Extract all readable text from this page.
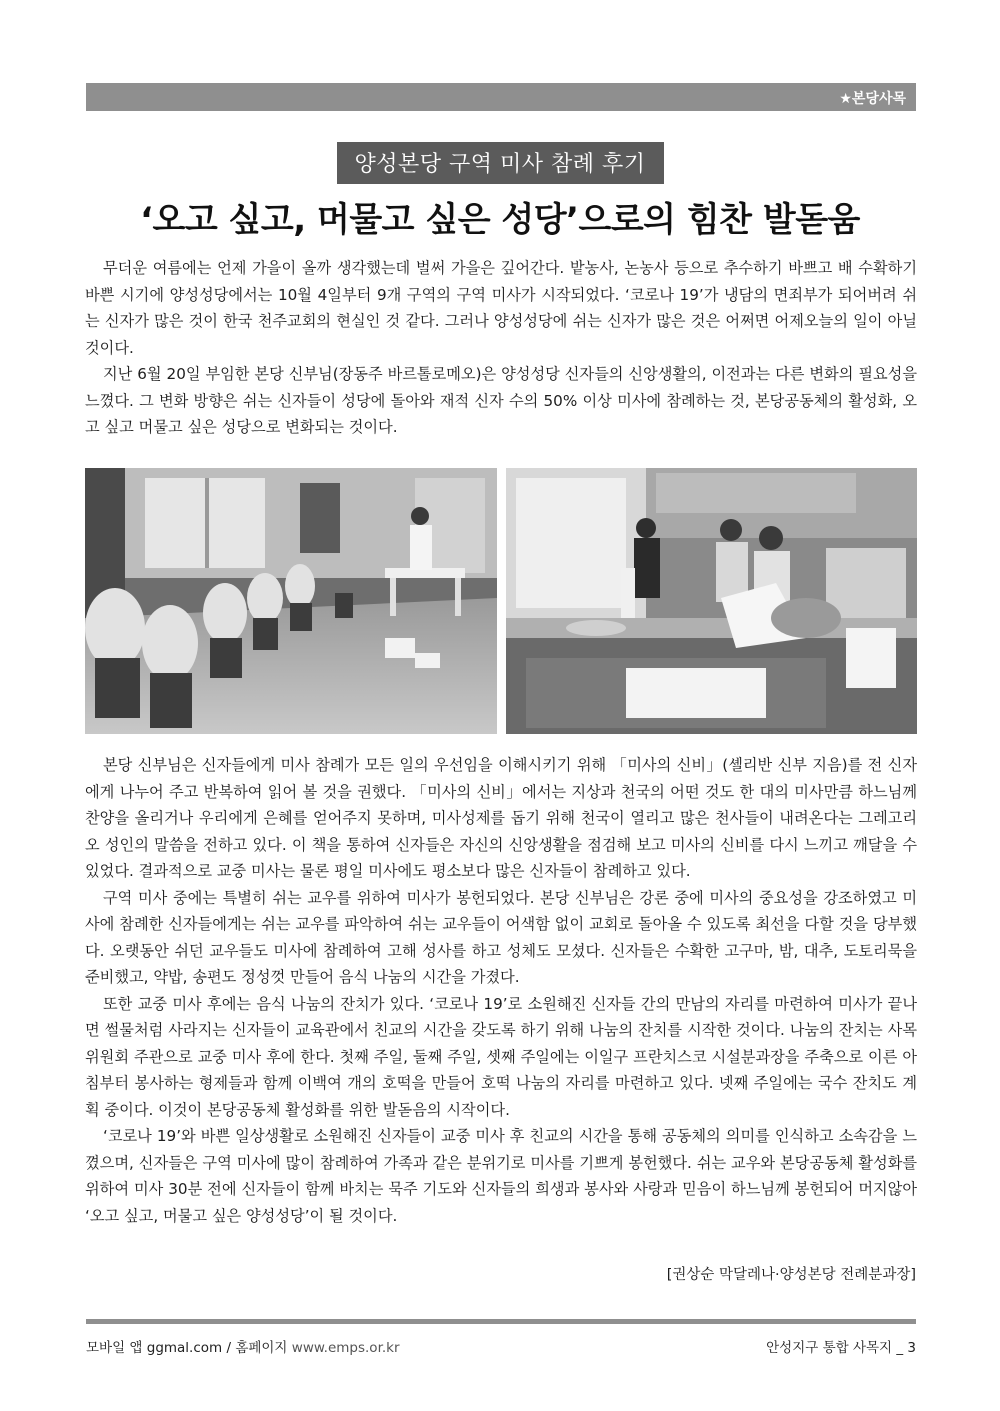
★본당사목
양성본당 구역 미사 참례 후기
‘오고 싶고, 머물고 싶은 성당’으로의 힘찬 발돋움

무더운 여름에는 언제 가을이 올까 생각했는데 벌써 가을은 깊어간다. 밭농사, 논농사 등으로 추수하기 바쁘고 배 수확하기 바쁜 시기에 양성성당에서는 10월 4일부터 9개 구역의 구역 미사가 시작되었다. ‘코로나 19’가 냉담의 면죄부가 되어버려 쉬는 신자가 많은 것이 한국 천주교회의 현실인 것 같다. 그러나 양성성당에 쉬는 신자가 많은 것은 어쩌면 어제오늘의 일이 아닐 것이다.

지난 6월 20일 부임한 본당 신부님(장동주 바르톨로메오)은 양성성당 신자들의 신앙생활의, 이전과는 다른 변화의 필요성을 느꼈다. 그 변화 방향은 쉬는 신자들이 성당에 돌아와 재적 신자 수의 50% 이상 미사에 참례하는 것, 본당공동체의 활성화, 오고 싶고 머물고 싶은 성당으로 변화되는 것이다.

본당 신부님은 신자들에게 미사 참례가 모든 일의 우선임을 이해시키기 위해 「미사의 신비」(셸리반 신부 지음)를 전 신자에게 나누어 주고 반복하여 읽어 볼 것을 권했다. 「미사의 신비」에서는 지상과 천국의 어떤 것도 한 대의 미사만큼 하느님께 찬양을 올리거나 우리에게 은혜를 얻어주지 못하며, 미사성제를 돕기 위해 천국이 열리고 많은 천사들이 내려온다는 그레고리오 성인의 말씀을 전하고 있다. 이 책을 통하여 신자들은 자신의 신앙생활을 점검해 보고 미사의 신비를 다시 느끼고 깨달을 수 있었다. 결과적으로 교중 미사는 물론 평일 미사에도 평소보다 많은 신자들이 참례하고 있다.

구역 미사 중에는 특별히 쉬는 교우를 위하여 미사가 봉헌되었다. 본당 신부님은 강론 중에 미사의 중요성을 강조하였고 미사에 참례한 신자들에게는 쉬는 교우를 파악하여 쉬는 교우들이 어색함 없이 교회로 돌아올 수 있도록 최선을 다할 것을 당부했다. 오랫동안 쉬던 교우들도 미사에 참례하여 고해 성사를 하고 성체도 모셨다. 신자들은 수확한 고구마, 밤, 대추, 도토리묵을 준비했고, 약밥, 송편도 정성껏 만들어 음식 나눔의 시간을 가졌다.

또한 교중 미사 후에는 음식 나눔의 잔치가 있다. ‘코로나 19’로 소원해진 신자들 간의 만남의 자리를 마련하여 미사가 끝나면 썰물처럼 사라지는 신자들이 교육관에서 친교의 시간을 갖도록 하기 위해 나눔의 잔치를 시작한 것이다. 나눔의 잔치는 사목위원회 주관으로 교중 미사 후에 한다. 첫째 주일, 둘째 주일, 셋째 주일에는 이일구 프란치스코 시설분과장을 주축으로 이른 아침부터 봉사하는 형제들과 함께 이백여 개의 호떡을 만들어 호떡 나눔의 자리를 마련하고 있다. 넷째 주일에는 국수 잔치도 계획 중이다. 이것이 본당공동체 활성화를 위한 발돋음의 시작이다.

‘코로나 19’와 바쁜 일상생활로 소원해진 신자들이 교중 미사 후 친교의 시간을 통해 공동체의 의미를 인식하고 소속감을 느꼈으며, 신자들은 구역 미사에 많이 참례하여 가족과 같은 분위기로 미사를 기쁘게 봉헌했다. 쉬는 교우와 본당공동체 활성화를 위하여 미사 30분 전에 신자들이 함께 바치는 묵주 기도와 신자들의 희생과 봉사와 사랑과 믿음이 하느님께 봉헌되어 머지않아 ‘오고 싶고, 머물고 싶은 양성성당’이 될 것이다.

[권상순 막달레나·양성본당 전례분과장]
모바일 앱 ggmal.com / 홈페이지 www.emps.or.kr	안성지구 통합 사목지 _ 3
